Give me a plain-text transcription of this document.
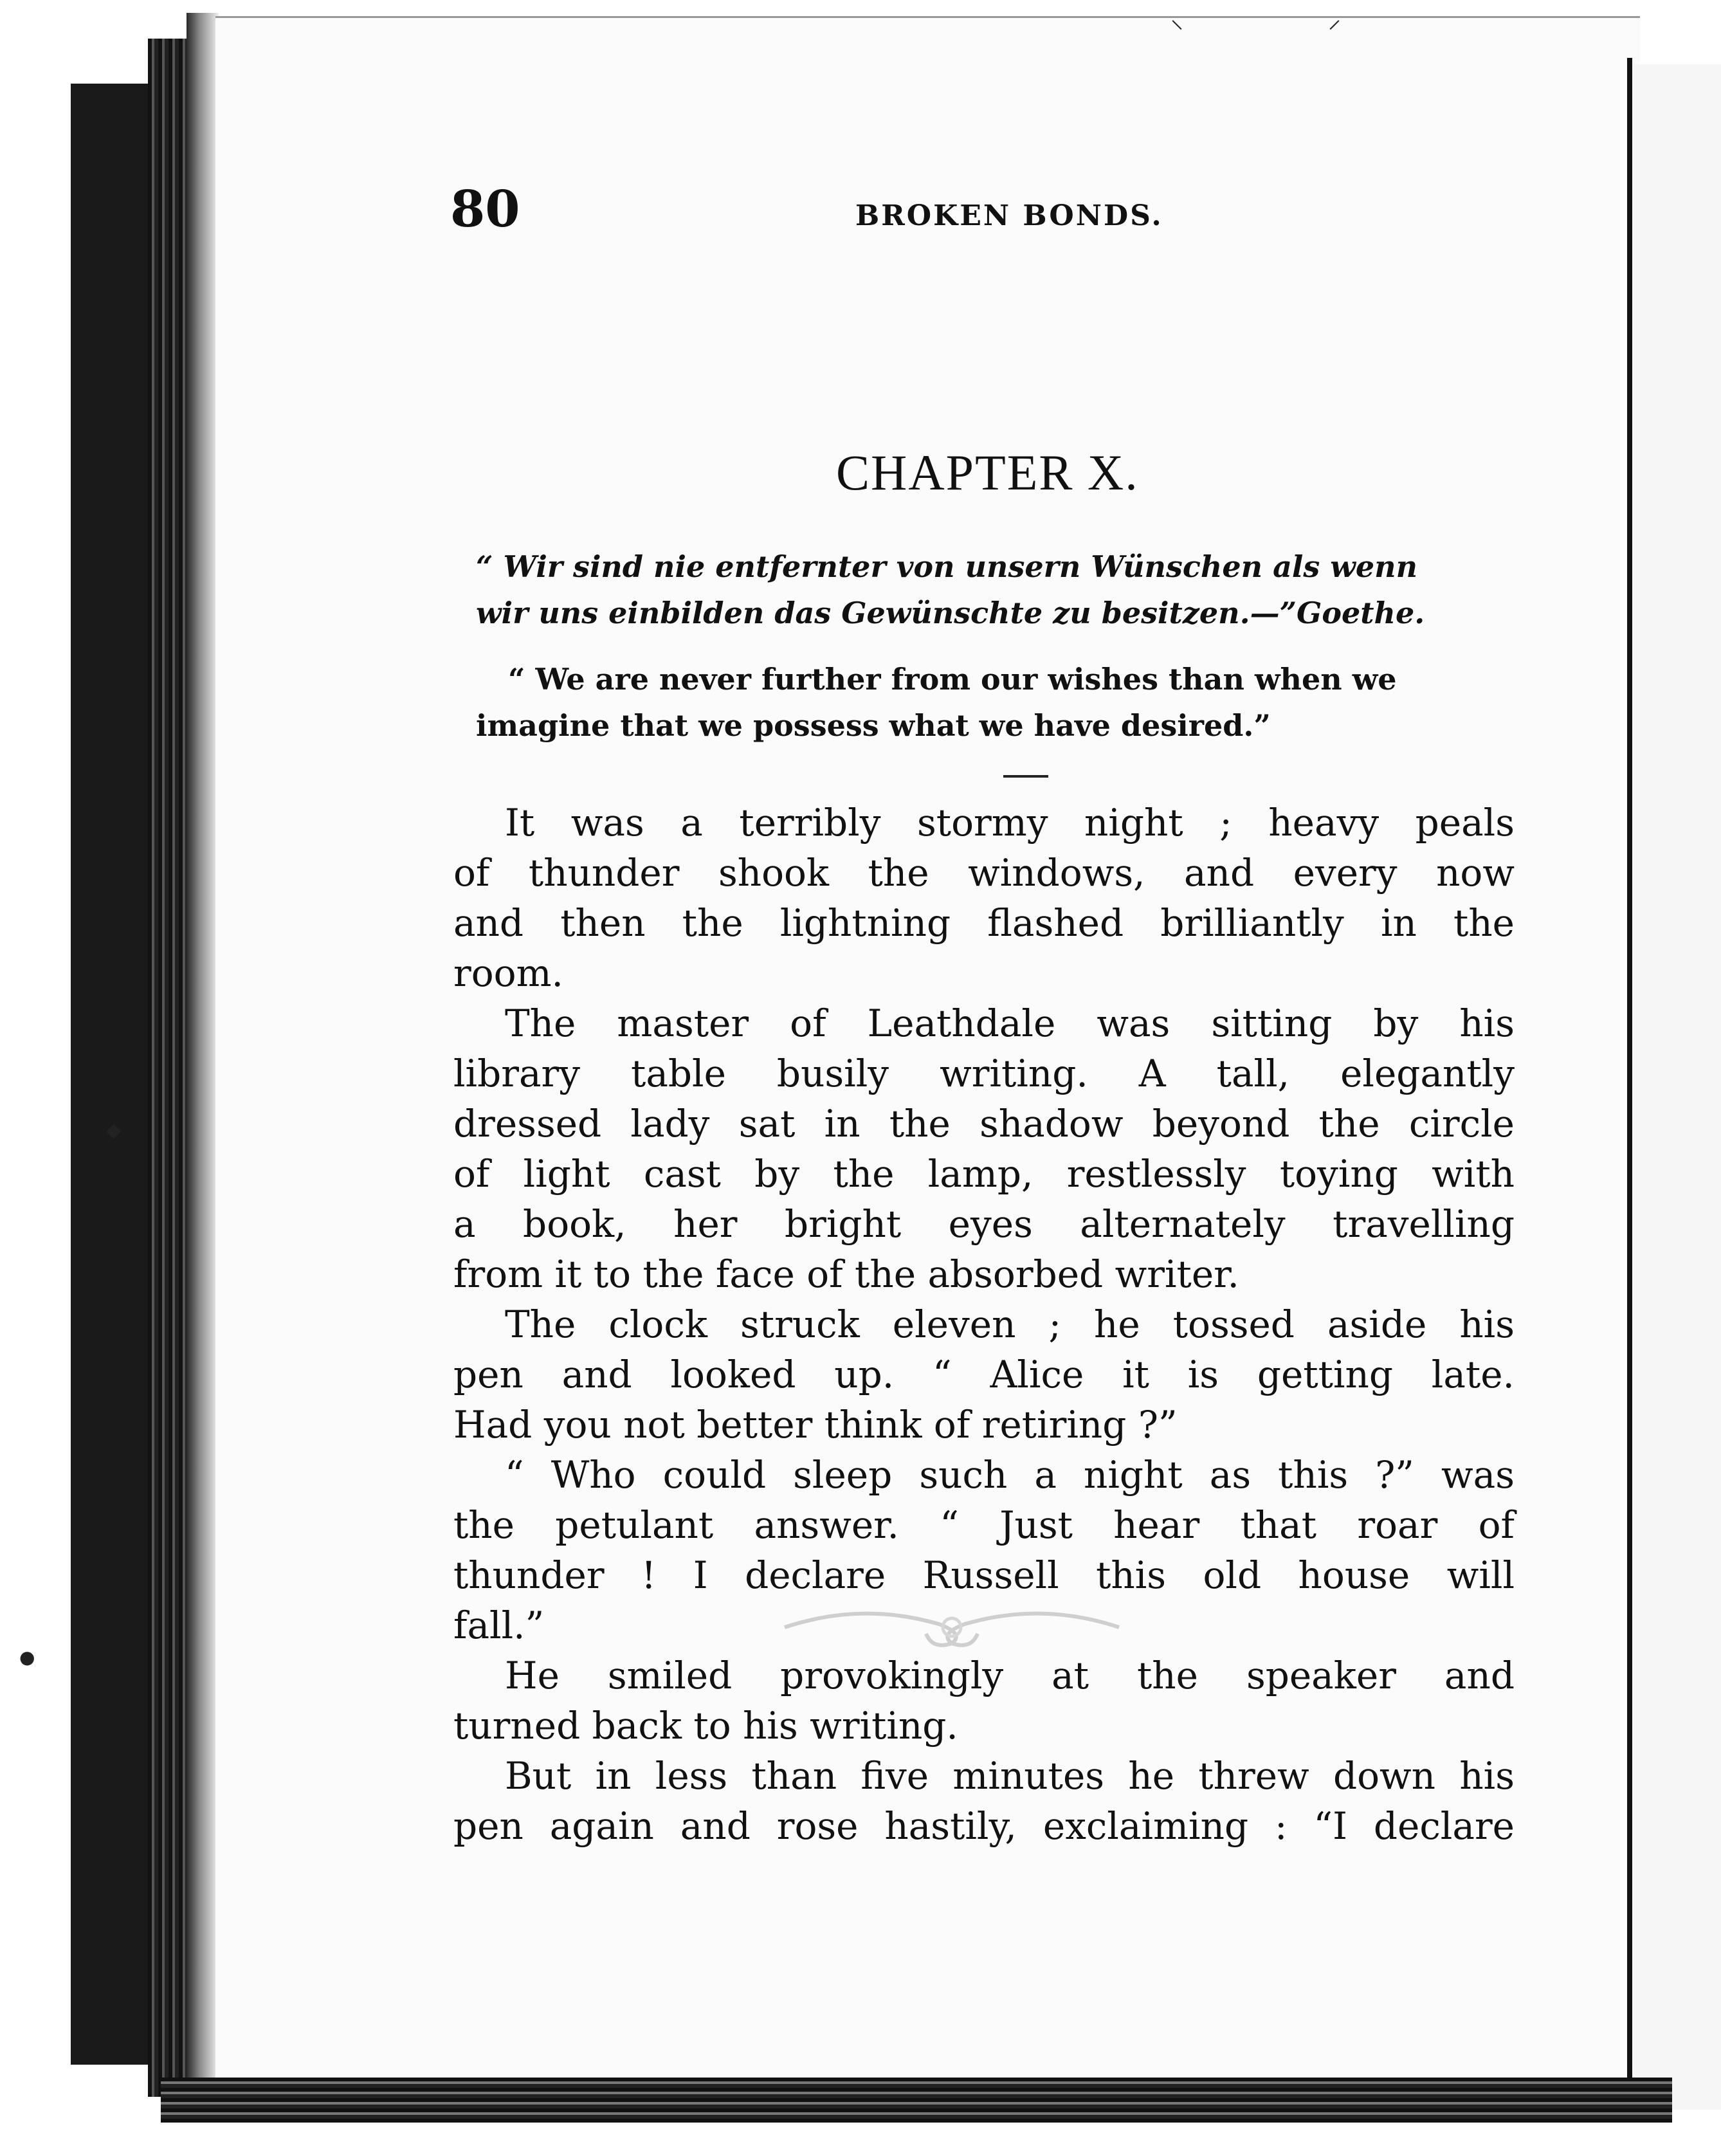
80	BROKEN BONDS.
CHAPTER X.
“ Wir sind nie entfernter von unsern Wünschen als wenn
wir uns einbilden das Gewünschte zu besitzen.—”Goethe.
“ We are never further from our wishes than when we
imagine that we possess what we have desired.”
It was a terribly stormy night ; heavy peals
of thunder shook the windows, and every now
and then the lightning flashed brilliantly in the
room.
The master of Leathdale was sitting by his
library table busily writing. A tall, elegantly
dressed lady sat in the shadow beyond the circle
of light cast by the lamp, restlessly toying with
a book, her bright eyes alternately travelling
from it to the face of the absorbed writer.
The clock struck eleven ; he tossed aside his
pen and looked up. “ Alice it is getting late.
Had you not better think of retiring ?”
“ Who could sleep such a night as this ?” was
the petulant answer. “ Just hear that roar of
thunder ! I declare Russell this old house will
fall.”
He smiled provokingly at the speaker and
turned back to his writing.
But in less than five minutes he threw down his
pen again and rose hastily, exclaiming : “I declare
⸜	⸝
◆
●
